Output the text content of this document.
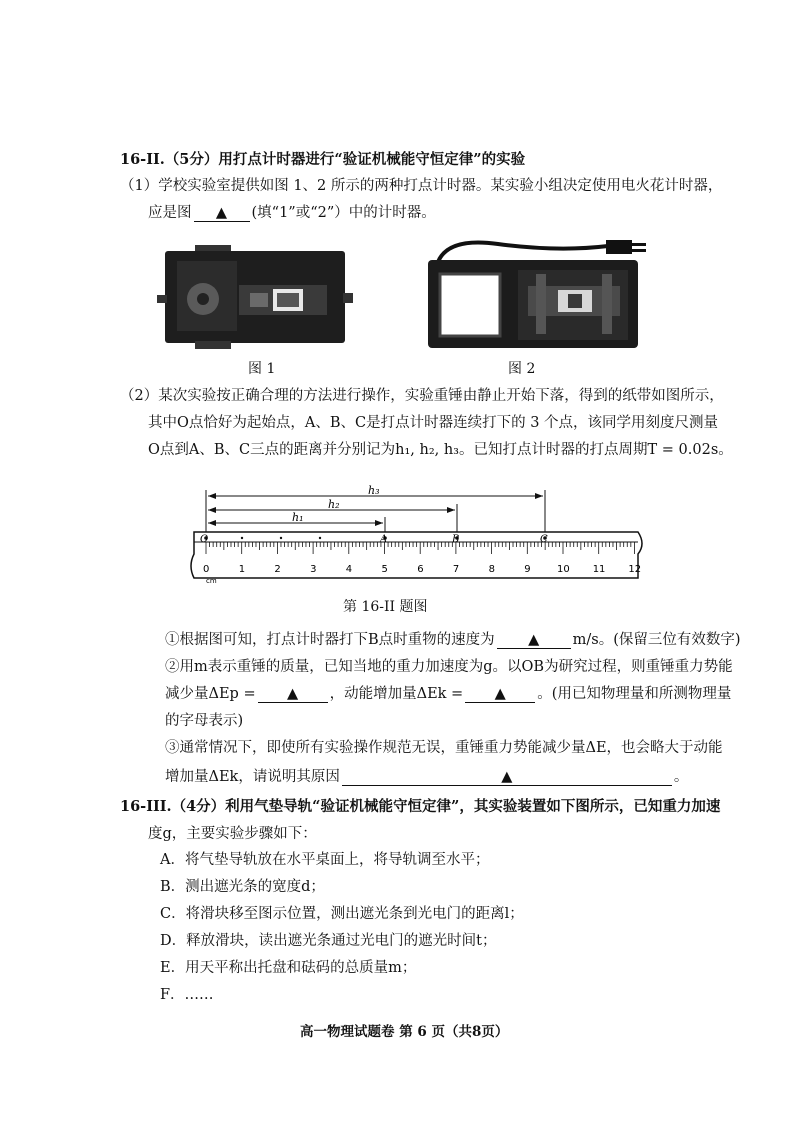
16-II.（5分）用打点计时器进行“验证机械能守恒定律”的实验
（1）学校实验室提供如图 1、2 所示的两种打点计时器。某实验小组决定使用电火花计时器，
应是图 ▲ (填“1”或“2”）中的计时器。
图 1	图 2
（2）某次实验按正确合理的方法进行操作，实验重锤由静止开始下落，得到的纸带如图所示，
其中O点恰好为起始点，A、B、C是打点计时器连续打下的 3 个点，该同学用刻度尺测量
O点到A、B、C三点的距离并分别记为h₁, h₂, h₃。已知打点计时器的打点周期T = 0.02s。
h₃
h₂
h₁
0	1	2	3	4	5	6	7	8	9	10 11 12
O	A	B	C
cm
第 16-II 题图
①根据图可知，打点计时器打下B点时重物的速度为 ▲ m/s。(保留三位有效数字)
②用m表示重锤的质量，已知当地的重力加速度为g。以OB为研究过程，则重锤重力势能
减少量ΔEp = ▲ ，动能增加量ΔEk = ▲ 。(用已知物理量和所测物理量
的字母表示)
③通常情况下，即使所有实验操作规范无误，重锤重力势能减少量ΔE，也会略大于动能
增加量ΔEk，请说明其原因	▲	。
16-III.（4分）利用气垫导轨“验证机械能守恒定律”，其实验装置如下图所示，已知重力加速
度g，主要实验步骤如下：
A．将气垫导轨放在水平桌面上，将导轨调至水平；
B．测出遮光条的宽度d；
C．将滑块移至图示位置，测出遮光条到光电门的距离l；
D．释放滑块，读出遮光条通过光电门的遮光时间t；
E．用天平称出托盘和砝码的总质量m；
F．……
高一物理试题卷 第 6 页（共8页）
